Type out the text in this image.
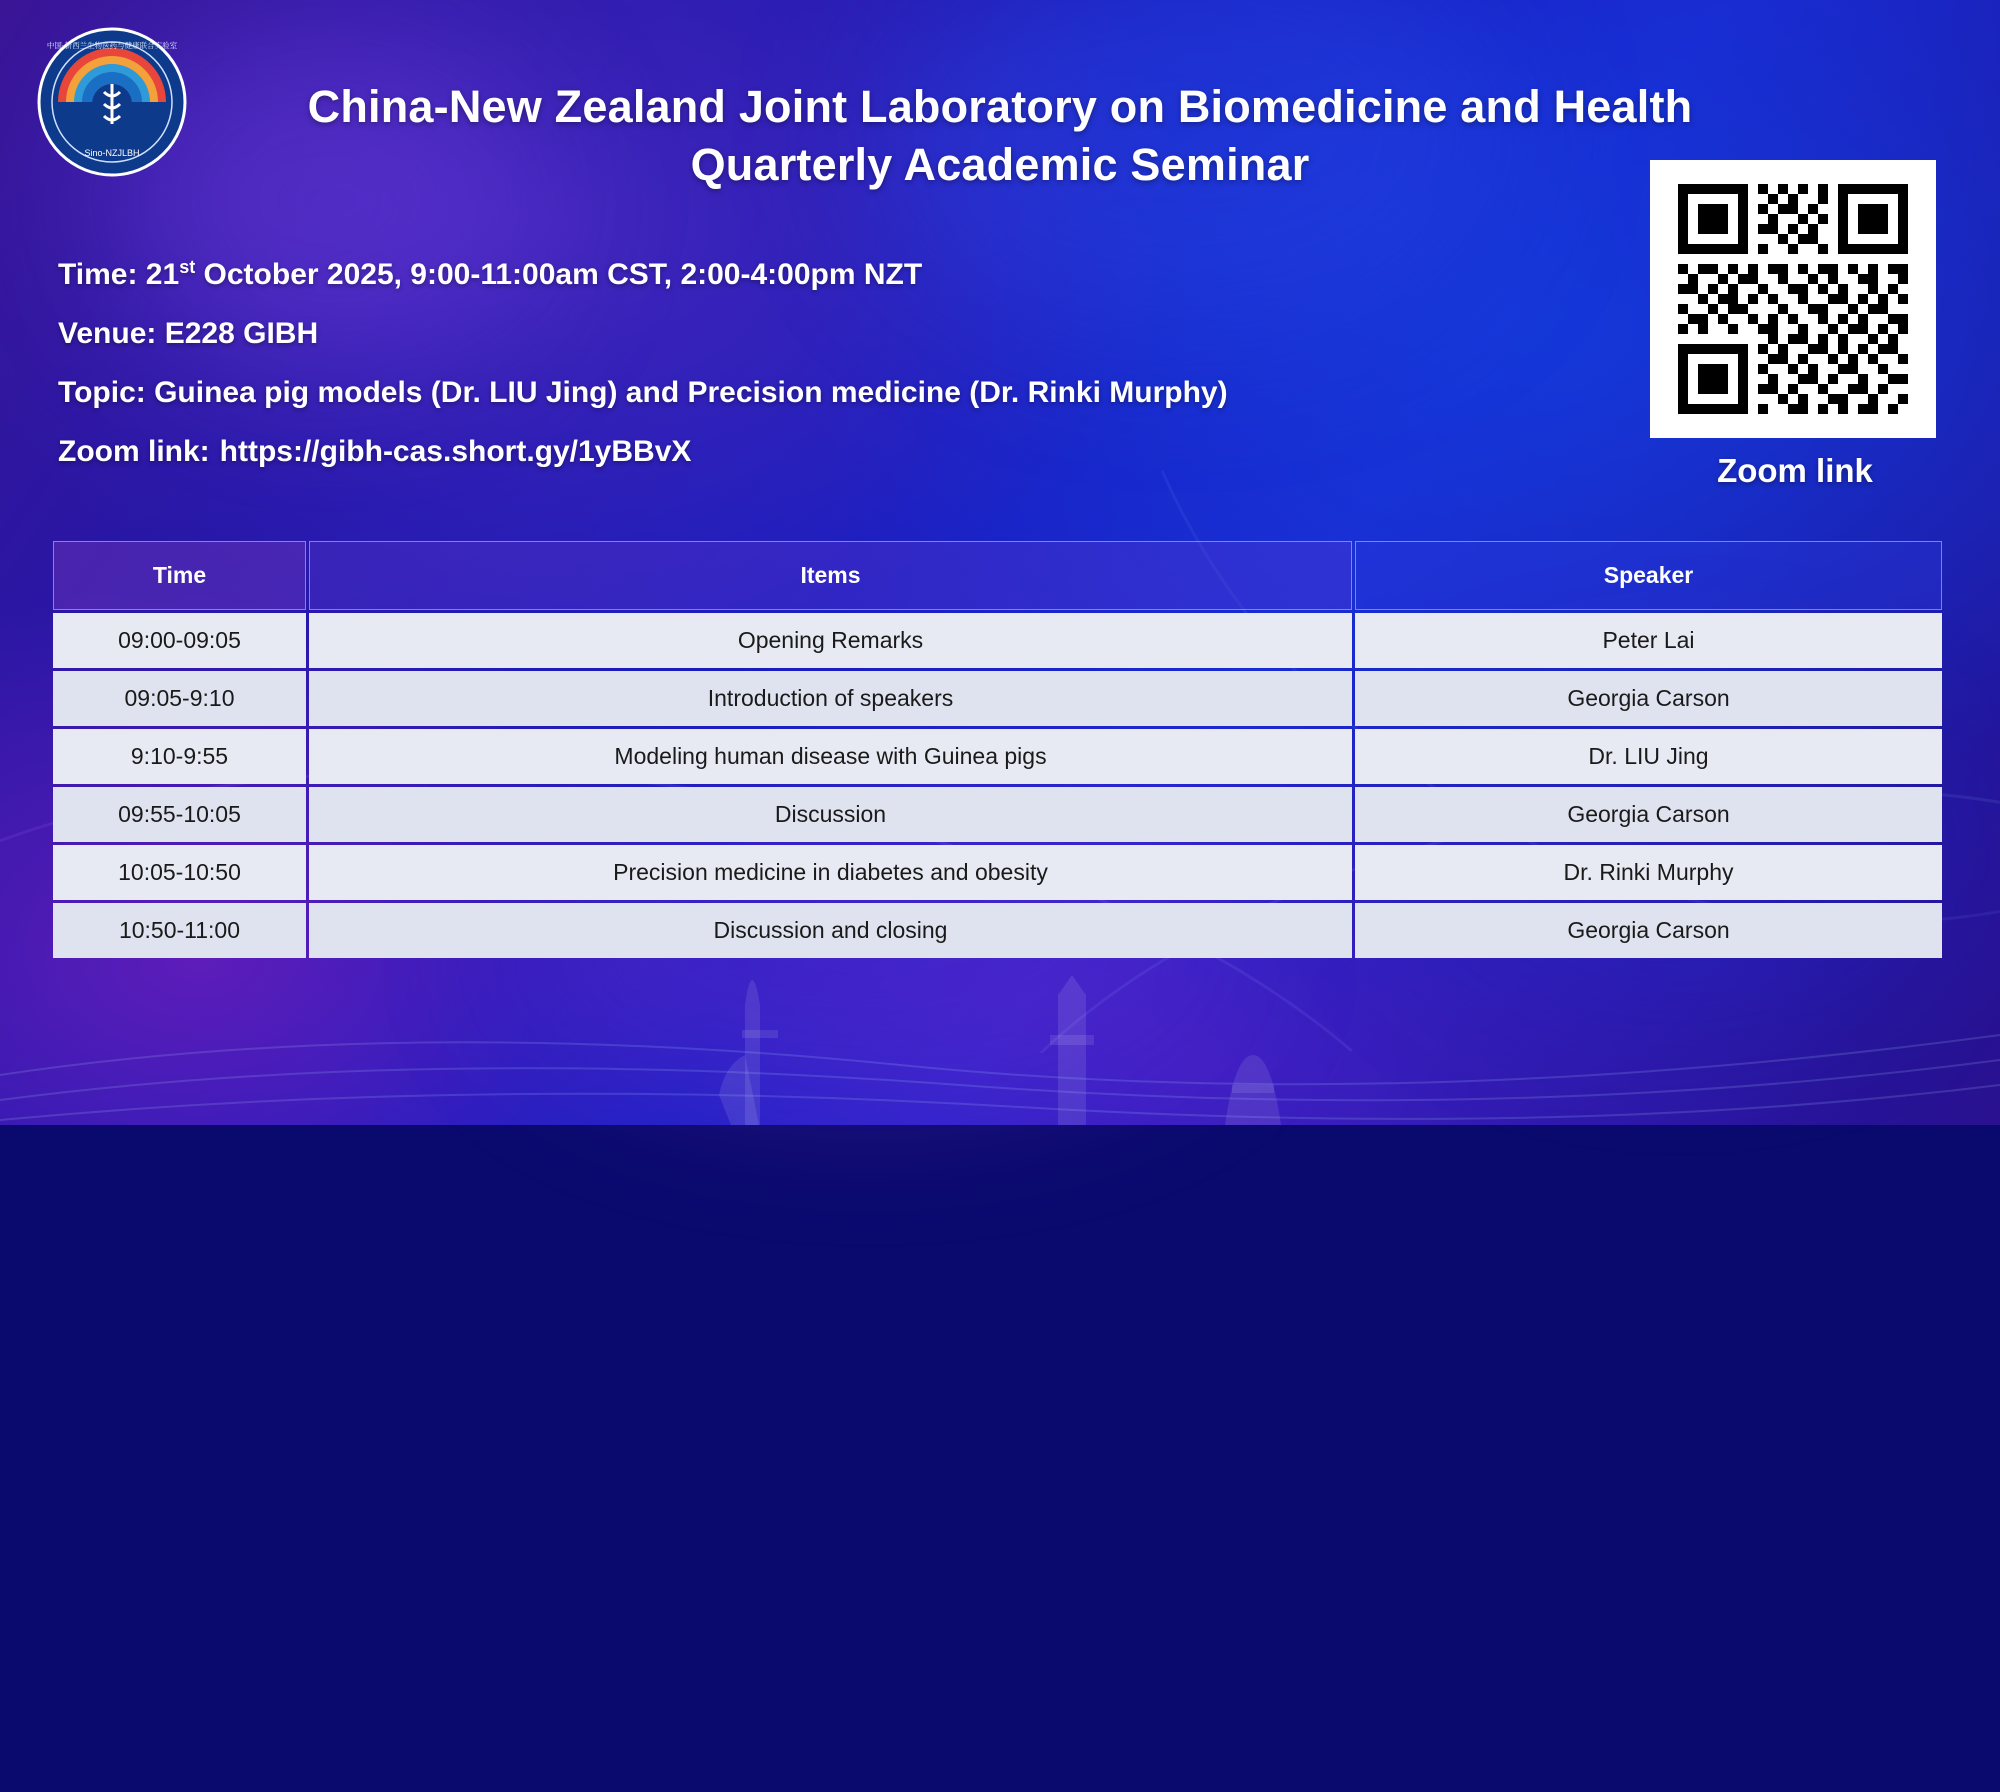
Sino-NZJLBH
中国-新西兰生物医药与健康联合实验室
China-New Zealand Joint Laboratory on Biomedicine and Health Quarterly Academic Seminar
Time: 21st October 2025, 9:00-11:00am CST, 2:00-4:00pm NZT
Venue: E228 GIBH
Topic: Guinea pig models (Dr. LIU Jing) and Precision medicine (Dr. Rinki Murphy)
Zoom link: https://gibh-cas.short.gy/1yBBvX
Zoom link
Time	Items	Speaker
09:00-09:05	Opening Remarks	Peter Lai
09:05-9:10	Introduction of speakers	Georgia Carson
9:10-9:55	Modeling human disease with Guinea pigs	Dr. LIU Jing
09:55-10:05	Discussion	Georgia Carson
10:05-10:50	Precision medicine in diabetes and obesity	Dr. Rinki Murphy
10:50-11:00	Discussion and closing	Georgia Carson
